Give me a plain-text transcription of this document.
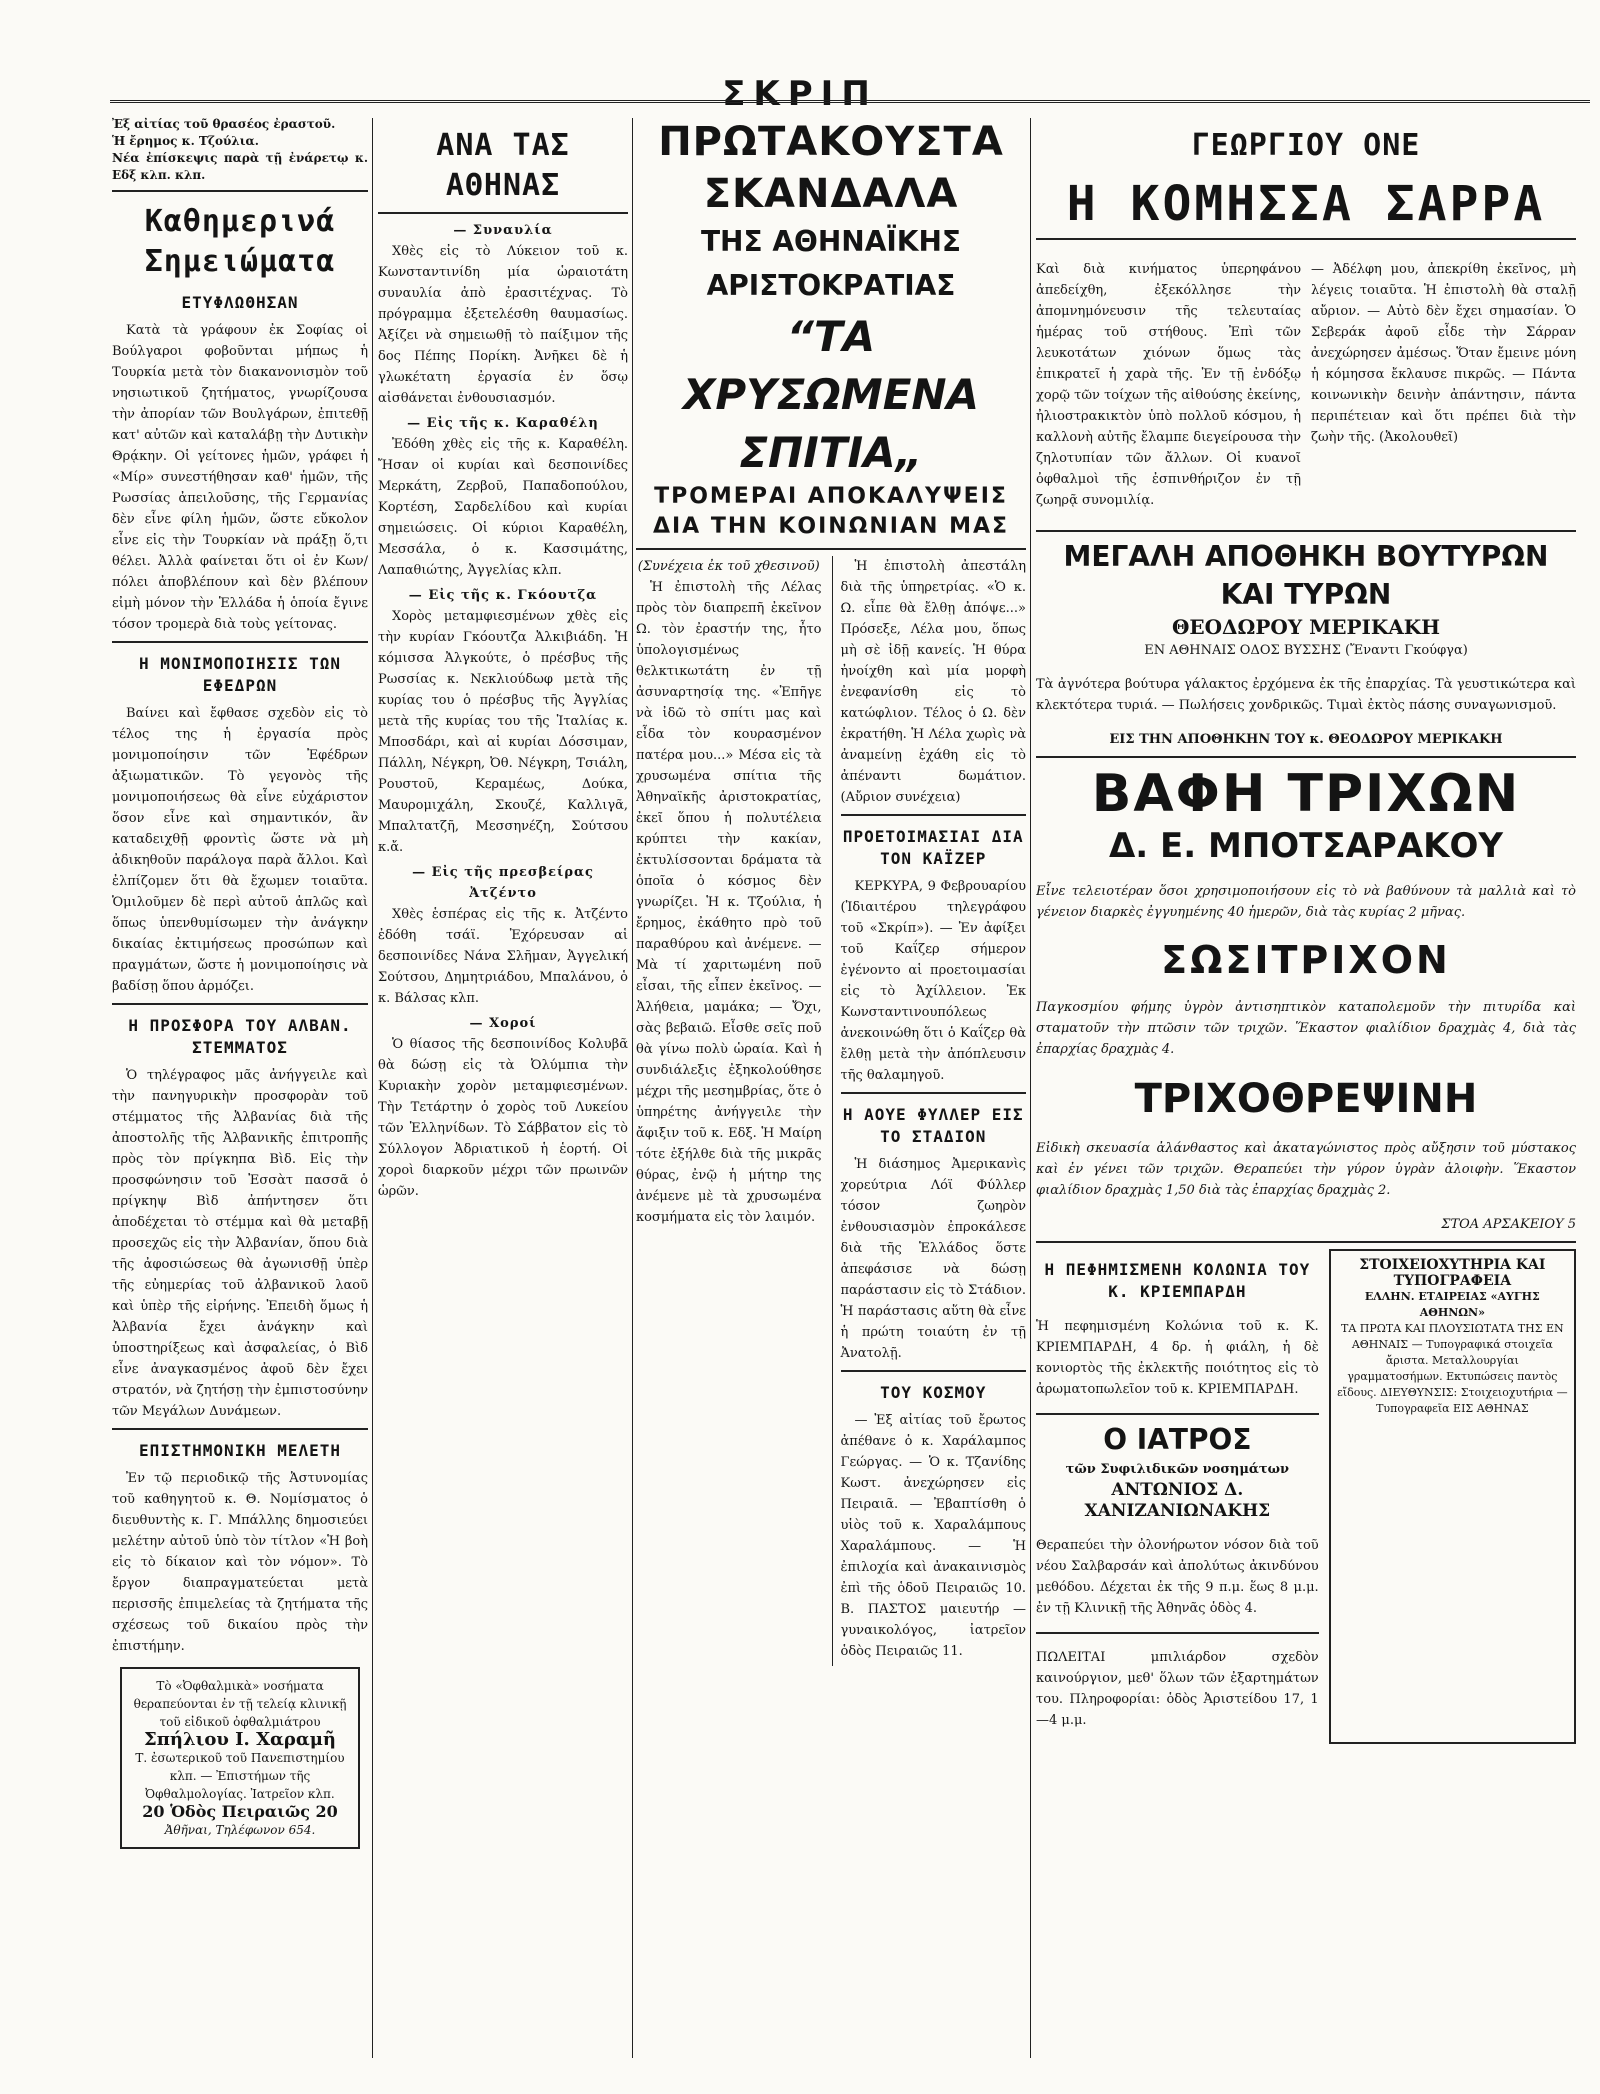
ΣΚΡΙΠ
Ἐξ αἰτίας τοῦ θρασέος ἐραστοῦ.
Ἡ ἔρημος κ. Τζούλια.
Νέα ἐπίσκεψις παρὰ τῇ ἐνάρετῳ κ. Εδξ κλπ. κλπ.
Καθημερινά Σημειώματα
ΕΤΥΦΛΩΘΗΣΑΝ

Κατὰ τὰ γράφουν ἐκ Σοφίας οἱ Βούλγαροι φοβοῦνται μήπως ἡ Τουρκία μετὰ τὸν διακανονισμὸν τοῦ νησιωτικοῦ ζητήματος, γνωρίζουσα τὴν ἀπορίαν τῶν Βουλγάρων, ἐπιτεθῇ κατ' αὐτῶν καὶ καταλάβῃ τὴν Δυτικὴν Θρᾴκην. Οἱ γείτονες ἡμῶν, γράφει ἡ «Μίρ» συνεστήθησαν καθ' ἡμῶν, τῆς Ρωσσίας ἀπειλοῦσης, τῆς Γερμανίας δὲν εἶνε φίλη ἡμῶν, ὥστε εὔκολον εἶνε εἰς τὴν Τουρκίαν νὰ πράξῃ ὅ,τι θέλει. Ἀλλὰ φαίνεται ὅτι οἱ ἐν Κων/πόλει ἀποβλέπουν καὶ δὲν βλέπουν εἰμὴ μόνον τὴν Ἑλλάδα ἡ ὁποία ἔγινε τόσον τρομερὰ διὰ τοὺς γείτονας.

Η ΜΟΝΙΜΟΠΟΙΗΣΙΣ ΤΩΝ ΕΦΕΔΡΩΝ

Βαίνει καὶ ἔφθασε σχεδὸν εἰς τὸ τέλος της ἡ ἐργασία πρὸς μονιμοποίησιν τῶν Ἐφέδρων ἀξιωματικῶν. Τὸ γεγονὸς τῆς μονιμοποιήσεως θὰ εἶνε εὐχάριστον ὅσον εἶνε καὶ σημαντικόν, ἂν καταδειχθῇ φροντὶς ὥστε νὰ μὴ ἀδικηθοῦν παράλογα παρὰ ἄλλοι. Καὶ ἐλπίζομεν ὅτι θὰ ἔχωμεν τοιαῦτα. Ὁμιλοῦμεν δὲ περὶ αὐτοῦ ἁπλῶς καὶ ὅπως ὑπενθυμίσωμεν τὴν ἀνάγκην δικαίας ἐκτιμήσεως προσώπων καὶ πραγμάτων, ὥστε ἡ μονιμοποίησις νὰ βαδίσῃ ὅπου ἀρμόζει.

Η ΠΡΟΣΦΟΡΑ ΤΟΥ ΑΛΒΑΝ. ΣΤΕΜΜΑΤΟΣ

Ὁ τηλέγραφος μᾶς ἀνήγγειλε καὶ τὴν πανηγυρικὴν προσφορὰν τοῦ στέμματος τῆς Ἀλβανίας διὰ τῆς ἀποστολῆς τῆς Ἀλβανικῆς ἐπιτροπῆς πρὸς τὸν πρίγκηπα Βὶδ. Εἰς τὴν προσφώνησιν τοῦ Ἐσσὰτ πασσᾶ ὁ πρίγκηψ Βὶδ ἀπήντησεν ὅτι ἀποδέχεται τὸ στέμμα καὶ θὰ μεταβῇ προσεχῶς εἰς τὴν Ἀλβανίαν, ὅπου διὰ τῆς ἀφοσιώσεως θὰ ἀγωνισθῇ ὑπὲρ τῆς εὐημερίας τοῦ ἀλβανικοῦ λαοῦ καὶ ὑπὲρ τῆς εἰρήνης. Ἐπειδὴ ὅμως ἡ Ἀλβανία ἔχει ἀνάγκην καὶ ὑποστηρίξεως καὶ ἀσφαλείας, ὁ Βὶδ εἶνε ἀναγκασμένος ἀφοῦ δὲν ἔχει στρατόν, νὰ ζητήσῃ τὴν ἐμπιστοσύνην τῶν Μεγάλων Δυνάμεων.

ΕΠΙΣΤΗΜΟΝΙΚΗ ΜΕΛΕΤΗ

Ἐν τῷ περιοδικῷ τῆς Ἀστυνομίας τοῦ καθηγητοῦ κ. Θ. Νομίσματος ὁ διευθυντὴς κ. Γ. Μπάλλης δημοσιεύει μελέτην αὐτοῦ ὑπὸ τὸν τίτλον «Ἡ βοὴ εἰς τὸ δίκαιον καὶ τὸν νόμον». Τὸ ἔργον διαπραγματεύεται μετὰ περισσῆς ἐπιμελείας τὰ ζητήματα τῆς σχέσεως τοῦ δικαίου πρὸς τὴν ἐπιστήμην.

Τὸ «Ὀφθαλμικὰ» νοσήματα θεραπεύονται ἐν τῇ τελείᾳ κλινικῇ τοῦ εἰδικοῦ ὀφθαλμιάτρου
Σπήλιου Ι. Χαραμῆ
Τ. ἐσωτερικοῦ τοῦ Πανεπιστημίου κλπ. — Ἐπιστήμων τῆς Ὀφθαλμολογίας. Ἰατρεῖον κλπ.
20 Ὁδὸς Πειραιῶς 20
Ἀθῆναι, Τηλέφωνον 654.
ΑΝΑ ΤΑΣ ΑΘΗΝΑΣ
— Συναυλία

Χθὲς εἰς τὸ Λύκειον τοῦ κ. Κωνσταντινίδη μία ὡραιοτάτη συναυλία ἀπὸ ἐρασιτέχνας. Τὸ πρόγραμμα ἐξετελέσθη θαυμασίως. Ἀξίζει νὰ σημειωθῇ τὸ παίξιμον τῆς δος Πέπης Πορίκη. Ἀνῆκει δὲ ἡ γλωκέτατη ἐργασία ἐν ὅσῳ αἰσθάνεται ἐνθουσιασμόν.

— Εἰς τῆς κ. Καραθέλη

Ἐδόθη χθὲς εἰς τῆς κ. Καραθέλη. Ἤσαν οἱ κυρίαι καὶ δεσποινίδες Μερκάτη, Ζερβοῦ, Παπαδοπούλου, Κορτέση, Σαρδελίδου καὶ κυρίαι σημειώσεις. Οἱ κύριοι Καραθέλη, Μεσσάλα, ὁ κ. Κασσιμάτης, Λαπαθιώτης, Ἀγγελίας κλπ.

— Εἰς τῆς κ. Γκόουτζα

Χορὸς μεταμφιεσμένων χθὲς εἰς τὴν κυρίαν Γκόουτζα Ἀλκιβιάδη. Ἡ κόμισσα Ἀλγκούτε, ὁ πρέσβυς τῆς Ρωσσίας κ. Νεκλιούδωφ μετὰ τῆς κυρίας του ὁ πρέσβυς τῆς Ἀγγλίας μετὰ τῆς κυρίας του τῆς Ἰταλίας κ. Μποσδάρι, καὶ αἱ κυρίαι Δόσσιμαν, Πάλλη, Νέγκρη, Ὀθ. Νέγκρη, Τσιάλη, Ρουστοῦ, Κεραμέως, Δούκα, Μαυρομιχάλη, Σκουζέ, Καλλιγᾶ, Μπαλτατζῆ, Μεσσηνέζη, Σούτσου κ.ἄ.

— Εἰς τῆς πρεσβείρας Ἀτζέντο

Χθὲς ἑσπέρας εἰς τῆς κ. Ἀτζέντο ἐδόθη τσάϊ. Ἐχόρευσαν αἱ δεσποινίδες Νάνα Σλῆμαν, Ἀγγελική Σούτσου, Δημητριάδου, Μπαλάνου, ὁ κ. Βάλσας κλπ.

— Χοροί

Ὁ θίασος τῆς δεσποινίδος Κολυβᾶ θὰ δώσῃ εἰς τὰ Ὀλύμπια τὴν Κυριακὴν χορὸν μεταμφιεσμένων. Τὴν Τετάρτην ὁ χορὸς τοῦ Λυκείου τῶν Ἑλληνίδων. Τὸ Σάββατον εἰς τὸ Σύλλογον Ἀδριατικοῦ ἡ ἑορτή. Οἱ χοροὶ διαρκοῦν μέχρι τῶν πρωινῶν ὡρῶν.

ΠΡΩΤΑΚΟΥΣΤΑ ΣΚΑΝΔΑΛΑ
ΤΗΣ ΑΘΗΝΑΪΚΗΣ ΑΡΙΣΤΟΚΡΑΤΙΑΣ
“ΤΑ ΧΡΥΣΩΜΕΝΑ ΣΠΙΤΙΑ„
ΤΡΟΜΕΡΑΙ ΑΠΟΚΑΛΥΨΕΙΣ ΔΙΑ ΤΗΝ ΚΟΙΝΩΝΙΑΝ ΜΑΣ
(Συνέχεια ἐκ τοῦ χθεσινοῦ)

Ἡ ἐπιστολὴ τῆς Λέλας πρὸς τὸν διαπρεπῆ ἐκεῖνον Ω. τὸν ἐραστήν της, ἦτο ὑπολογισμένως θελκτικωτάτη ἐν τῇ ἀσυναρτησίᾳ της. «Ἐπῆγε νὰ ἰδῶ τὸ σπίτι μας καὶ εἶδα τὸν κουρασμένον πατέρα μου...» Μέσα εἰς τὰ χρυσωμένα σπίτια τῆς Ἀθηναϊκῆς ἀριστοκρατίας, ἐκεῖ ὅπου ἡ πολυτέλεια κρύπτει τὴν κακίαν, ἐκτυλίσσονται δράματα τὰ ὁποῖα ὁ κόσμος δὲν γνωρίζει. Ἡ κ. Τζούλια, ἡ ἔρημος, ἐκάθητο πρὸ τοῦ παραθύρου καὶ ἀνέμενε. — Μὰ τί χαριτωμένη ποῦ εἶσαι, τῆς εἶπεν ἐκεῖνος. — Ἀλήθεια, μαμάκα; — Ὄχι, σὰς βεβαιῶ. Εἶσθε σεῖς ποῦ θὰ γίνω πολὺ ὡραία. Καὶ ἡ συνδιάλεξις ἐξηκολούθησε μέχρι τῆς μεσημβρίας, ὅτε ὁ ὑπηρέτης ἀνήγγειλε τὴν ἄφιξιν τοῦ κ. Εδξ. Ἡ Μαίρη τότε ἐξήλθε διὰ τῆς μικρᾶς θύρας, ἐνῷ ἡ μήτηρ της ἀνέμενε μὲ τὰ χρυσωμένα κοσμήματα εἰς τὸν λαιμόν.

Ἡ ἐπιστολὴ ἀπεστάλη διὰ τῆς ὑπηρετρίας. «Ὁ κ. Ω. εἶπε θὰ ἔλθῃ ἀπόψε...» Πρόσεξε, Λέλα μου, ὅπως μὴ σὲ ἰδῇ κανείς. Ἡ θύρα ἠνοίχθη καὶ μία μορφὴ ἐνεφανίσθη εἰς τὸ κατώφλιον. Τέλος ὁ Ω. δὲν ἐκρατήθη. Ἡ Λέλα χωρὶς νὰ ἀναμείνῃ ἐχάθη εἰς τὸ ἀπέναντι δωμάτιον. (Αὔριον συνέχεια)

ΠΡΟΕΤΟΙΜΑΣΙΑΙ ΔΙΑ ΤΟΝ ΚΑΪΖΕΡ

ΚΕΡΚΥΡΑ, 9 Φεβρουαρίου (Ἰδιαιτέρου τηλεγράφου τοῦ «Σκρίπ»). — Ἐν ἀφίξει τοῦ Καΐζερ σήμερον ἐγένοντο αἱ προετοιμασίαι εἰς τὸ Ἀχίλλειον. Ἐκ Κωνσταντινουπόλεως ἀνεκοινώθη ὅτι ὁ Καΐζερ θὰ ἔλθῃ μετὰ τὴν ἀπόπλευσιν τῆς θαλαμηγοῦ.

Η ΑΟΥΕ ΦΥΛΛΕΡ ΕΙΣ ΤΟ ΣΤΑΔΙΟΝ

Ἡ διάσημος Ἀμερικανὶς χορεύτρια Λόϊ Φύλλερ τόσον ζωηρὸν ἐνθουσιασμὸν ἐπροκάλεσε διὰ τῆς Ἑλλάδος ὅστε ἀπεφάσισε νὰ δώσῃ παράστασιν εἰς τὸ Στάδιον. Ἡ παράστασις αὕτη θὰ εἶνε ἡ πρώτη τοιαύτη ἐν τῇ Ἀνατολῇ.

ΤΟΥ ΚΟΣΜΟΥ

— Ἐξ αἰτίας τοῦ ἔρωτος ἀπέθανε ὁ κ. Χαράλαμπος Γεώργας. — Ὁ κ. Τζανίδης Κωστ. ἀνεχώρησεν εἰς Πειραιᾶ. — Ἐβαπτίσθη ὁ υἱὸς τοῦ κ. Χαραλάμπους Χαραλάμπους. — Ἡ ἐπιλοχία καὶ ἀνακαινισμὸς ἐπὶ τῆς ὁδοῦ Πειραιῶς 10. Β. ΠΑΣΤΟΣ μαιευτήρ — γυναικολόγος, ἰατρεῖον ὁδὸς Πειραιῶς 11.

ΓΕΩΡΓΙΟΥ ΟΝΕ
Η ΚΟΜΗΣΣΑ ΣΑΡΡΑ

Καὶ διὰ κινήματος ὑπερηφάνου ἀπεδείχθη, ἐξεκόλλησε τὴν ἀπομνημόνευσιν τῆς τελευταίας ἡμέρας τοῦ στήθους. Ἐπὶ τῶν λευκοτάτων χιόνων ὅμως τὰς ἐπικρατεῖ ἡ χαρὰ τῆς. Ἐν τῇ ἐνδόξῳ χορῷ τῶν τοίχων τῆς αἰθούσης ἐκείνης, ἠλιοστρακικτὸν ὑπὸ πολλοῦ κόσμου, ἡ καλλονὴ αὐτῆς ἔλαμπε διεγείρουσα τὴν ζηλοτυπίαν τῶν ἄλλων. Οἱ κυανοῖ ὀφθαλμοὶ τῆς ἐσπινθήριζον ἐν τῇ ζωηρᾷ συνομιλίᾳ.

— Ἀδέλφη μου, ἀπεκρίθη ἐκεῖνος, μὴ λέγεις τοιαῦτα. Ἡ ἐπιστολὴ θὰ σταλῇ αὔριον. — Αὐτὸ δὲν ἔχει σημασίαν. Ὁ Σεβεράκ ἀφοῦ εἶδε τὴν Σάρραν ἀνεχώρησεν ἀμέσως. Ὅταν ἔμεινε μόνη ἡ κόμησσα ἔκλαυσε πικρῶς. — Πάντα κοινωνικὴν δεινὴν ἀπάντησιν, πάντα περιπέτειαν καὶ ὅτι πρέπει διὰ τὴν ζωὴν τῆς. (Ἀκολουθεῖ)

ΜΕΓΑΛΗ ΑΠΟΘΗΚΗ ΒΟΥΤΥΡΩΝ ΚΑΙ ΤΥΡΩΝ
ΘΕΟΔΩΡΟΥ ΜΕΡΙΚΑΚΗ
ΕΝ ΑΘΗΝΑΙΣ ΟΔΟΣ ΒΥΣΣΗΣ (Ἔναντι Γκούφγα)

Τὰ ἀγνότερα βούτυρα γάλακτος ἐρχόμενα ἐκ τῆς ἐπαρχίας. Τὰ γευστικώτερα καὶ κλεκτότερα τυριά. — Πωλήσεις χονδρικῶς. Τιμαὶ ἐκτὸς πάσης συναγωνισμοῦ.

ΕΙΣ ΤΗΝ ΑΠΟΘΗΚΗΝ ΤΟΥ κ. ΘΕΟΔΩΡΟΥ ΜΕΡΙΚΑΚΗ
ΒΑΦΗ ΤΡΙΧΩΝ
Δ. Ε. ΜΠΟΤΣΑΡΑΚΟΥ

Εἶνε τελειοτέραν ὅσοι χρησιμοποιήσουν εἰς τὸ νὰ βαθύνουν τὰ μαλλιὰ καὶ τὸ γένειον διαρκὲς ἐγγυημένης 40 ἡμερῶν, διὰ τὰς κυρίας 2 μῆνας.

ΣΩΣΙΤΡΙΧΟΝ

Παγκοσμίου φήμης ὑγρὸν ἀντισηπτικὸν καταπολεμοῦν τὴν πιτυρίδα καὶ σταματοῦν τὴν πτῶσιν τῶν τριχῶν. Ἕκαστον φιαλίδιον δραχμὰς 4, διὰ τὰς ἐπαρχίας δραχμὰς 4.

ΤΡΙΧΟΘΡΕΨΙΝΗ

Εἰδικὴ σκευασία ἀλάνθαστος καὶ ἀκαταγώνιστος πρὸς αὔξησιν τοῦ μύστακος καὶ ἐν γένει τῶν τριχῶν. Θεραπεύει τὴν γύρον ὑγρὰν ἀλοιφὴν. Ἕκαστον φιαλίδιον δραχμὰς 1,50 διὰ τὰς ἐπαρχίας δραχμὰς 2.

ΣΤΟΑ ΑΡΣΑΚΕΙΟΥ 5
Η ΠΕΦΗΜΙΣΜΕΝΗ ΚΟΛΩΝΙΑ ΤΟΥ Κ. ΚΡΙΕΜΠΑΡΔΗ

Ἡ πεφημισμένη Κολώνια τοῦ κ. Κ. ΚΡΙΕΜΠΑΡΔΗ, 4 δρ. ἡ φιάλη, ἡ δὲ κονιορτὸς τῆς ἐκλεκτῆς ποιότητος εἰς τὸ ἀρωματοπωλεῖον τοῦ κ. ΚΡΙΕΜΠΑΡΔΗ.

Ο ΙΑΤΡΟΣ
τῶν Συφιλιδικῶν νοσημάτων
ΑΝΤΩΝΙΟΣ Δ. ΧΑΝΙΖΑΝΙΩΝΑΚΗΣ

Θεραπεύει τὴν ὀλονήρωτον νόσον διὰ τοῦ νέου Σαλβαρσάν καὶ ἀπολύτως ἀκινδύνου μεθόδου. Δέχεται ἐκ τῆς 9 π.μ. ἕως 8 μ.μ. ἐν τῇ Κλινικῇ τῆς Ἀθηνᾶς ὁδὸς 4.

ΠΩΛΕΙΤΑΙ μπιλιάρδον σχεδὸν καινούργιον, μεθ' ὅλων τῶν ἐξαρτημάτων του. Πληροφορίαι: ὁδὸς Ἀριστείδου 17, 1—4 μ.μ.

ΣΤΟΙΧΕΙΟΧΥΤΗΡΙΑ ΚΑΙ ΤΥΠΟΓΡΑΦΕΙΑ
ΕΛΛΗΝ. ΕΤΑΙΡΕΙΑΣ «ΑΥΓΗΣ ΑΘΗΝΩΝ»
ΤΑ ΠΡΩΤΑ ΚΑΙ ΠΛΟΥΣΙΩΤΑΤΑ ΤΗΣ ΕΝ ΑΘΗΝΑΙΣ — Τυπογραφικά στοιχεῖα ἄριστα. Μεταλλουργίαι γραμματοσήμων. Εκτυπώσεις παντὸς εἴδους. ΔΙΕΥΘΥΝΣΙΣ: Στοιχειοχυτήρια — Τυπογραφεῖα ΕΙΣ ΑΘΗΝΑΣ
